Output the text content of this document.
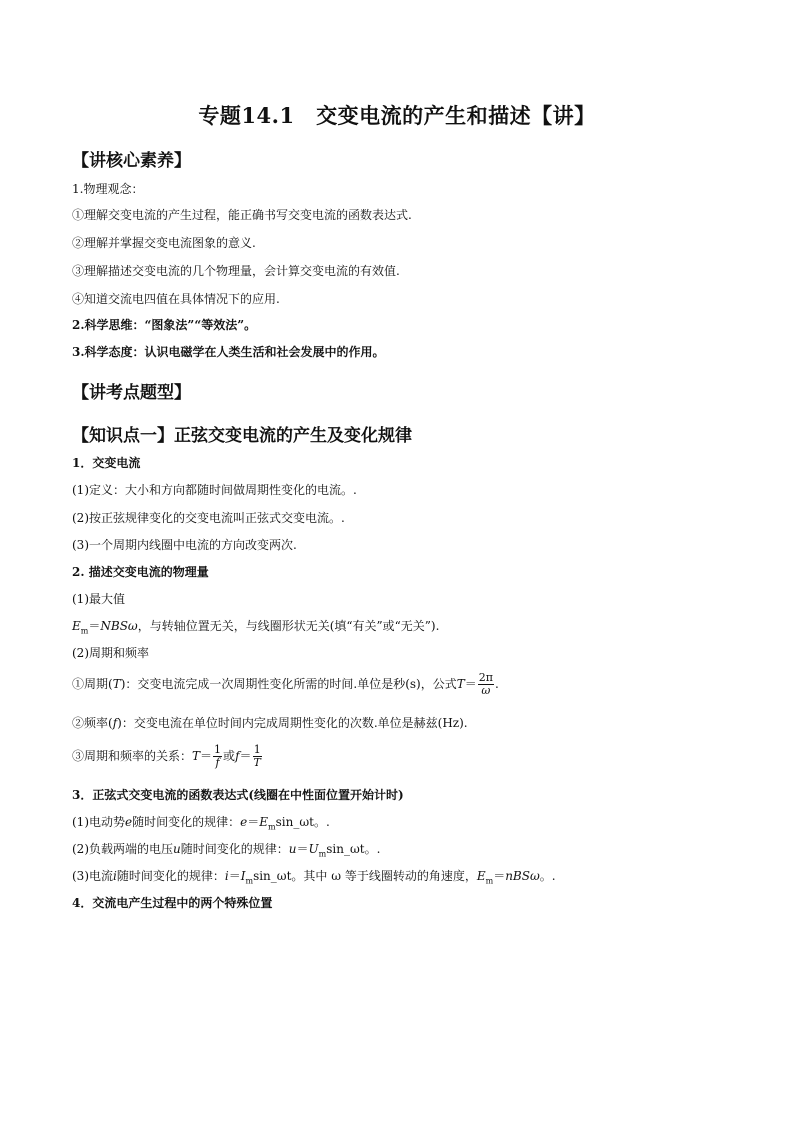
专题14.1　交变电流的产生和描述【讲】
【讲核心素养】
1.物理观念：
①理解交变电流的产生过程，能正确书写交变电流的函数表达式.
②理解并掌握交变电流图象的意义.
③理解描述交变电流的几个物理量，会计算交变电流的有效值.
④知道交流电四值在具体情况下的应用.
2.科学思维：“图象法”“等效法”。
3.科学态度：认识电磁学在人类生活和社会发展中的作用。
【讲考点题型】
【知识点一】正弦交变电流的产生及变化规律
1．交变电流
(1)定义：大小和方向都随时间做周期性变化的电流。.
(2)按正弦规律变化的交变电流叫正弦式交变电流。.
(3)一个周期内线圈中电流的方向改变两次.
2. 描述交变电流的物理量
(1)最大值
$E_m=NBS\omega$，与转轴位置无关，与线圈形状无关(填“有关”或“无关”).
(2)周期和频率
①周期(T)：交变电流完成一次周期性变化所需的时间.单位是秒(s)，公式$T= \frac{2\pi}{\omega}$ .
②频率(f)：交变电流在单位时间内完成周期性变化的次数.单位是赫兹(Hz).
③周期和频率的关系：$T= \frac{1}{f}$ 或$f= \frac{1}{T}$
3．正弦式交变电流的函数表达式(线圈在中性面位置开始计时)
(1)电动势e随时间变化的规律：$e=E_m\sin\_\omega t$。.
(2)负载两端的电压u随时间变化的规律：$u=U_m\sin\_\omega t$。.
(3)电流i随时间变化的规律：$i=I_m\sin\_\omega t$。其中 ω 等于线圈转动的角速度，$E_m=nBS\omega$。.
4．交流电产生过程中的两个特殊位置
